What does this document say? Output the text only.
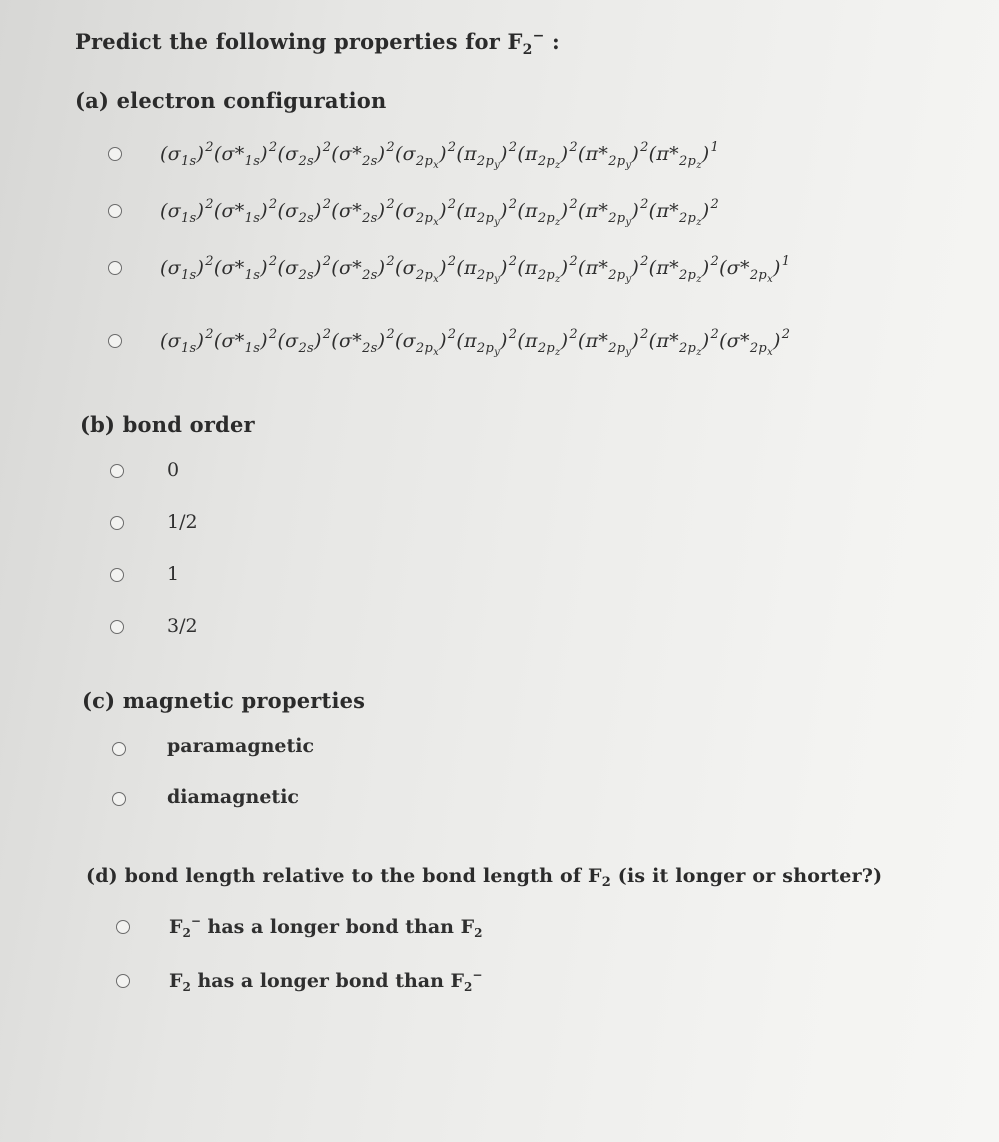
Predict the following properties for $F_2^-$ :
(a) electron configuration
$(\sigma_{1s})^2(\sigma*_{1s})^2(\sigma_{2s})^2(\sigma*_{2s})^2(\sigma_{2p_x})^2(\pi_{2p_y})^2(\pi_{2p_z})^2(\pi*_{2p_y})^2(\pi*_{2p_z})^1$
$(\sigma_{1s})^2(\sigma*_{1s})^2(\sigma_{2s})^2(\sigma*_{2s})^2(\sigma_{2p_x})^2(\pi_{2p_y})^2(\pi_{2p_z})^2(\pi*_{2p_y})^2(\pi*_{2p_z})^2$
$(\sigma_{1s})^2(\sigma*_{1s})^2(\sigma_{2s})^2(\sigma*_{2s})^2(\sigma_{2p_x})^2(\pi_{2p_y})^2(\pi_{2p_z})^2(\pi*_{2p_y})^2(\pi*_{2p_z})^2(\sigma*_{2p_x})^1$
$(\sigma_{1s})^2(\sigma*_{1s})^2(\sigma_{2s})^2(\sigma*_{2s})^2(\sigma_{2p_x})^2(\pi_{2p_y})^2(\pi_{2p_z})^2(\pi*_{2p_y})^2(\pi*_{2p_z})^2(\sigma*_{2p_x})^2$
(b) bond order
0
1/2
1
3/2
(c) magnetic properties
paramagnetic
diamagnetic
(d) bond length relative to the bond length of $F_2$ (is it longer or shorter?)
$F_2^-$ has a longer bond than $F_2$
$F_2$ has a longer bond than $F_2^-$
